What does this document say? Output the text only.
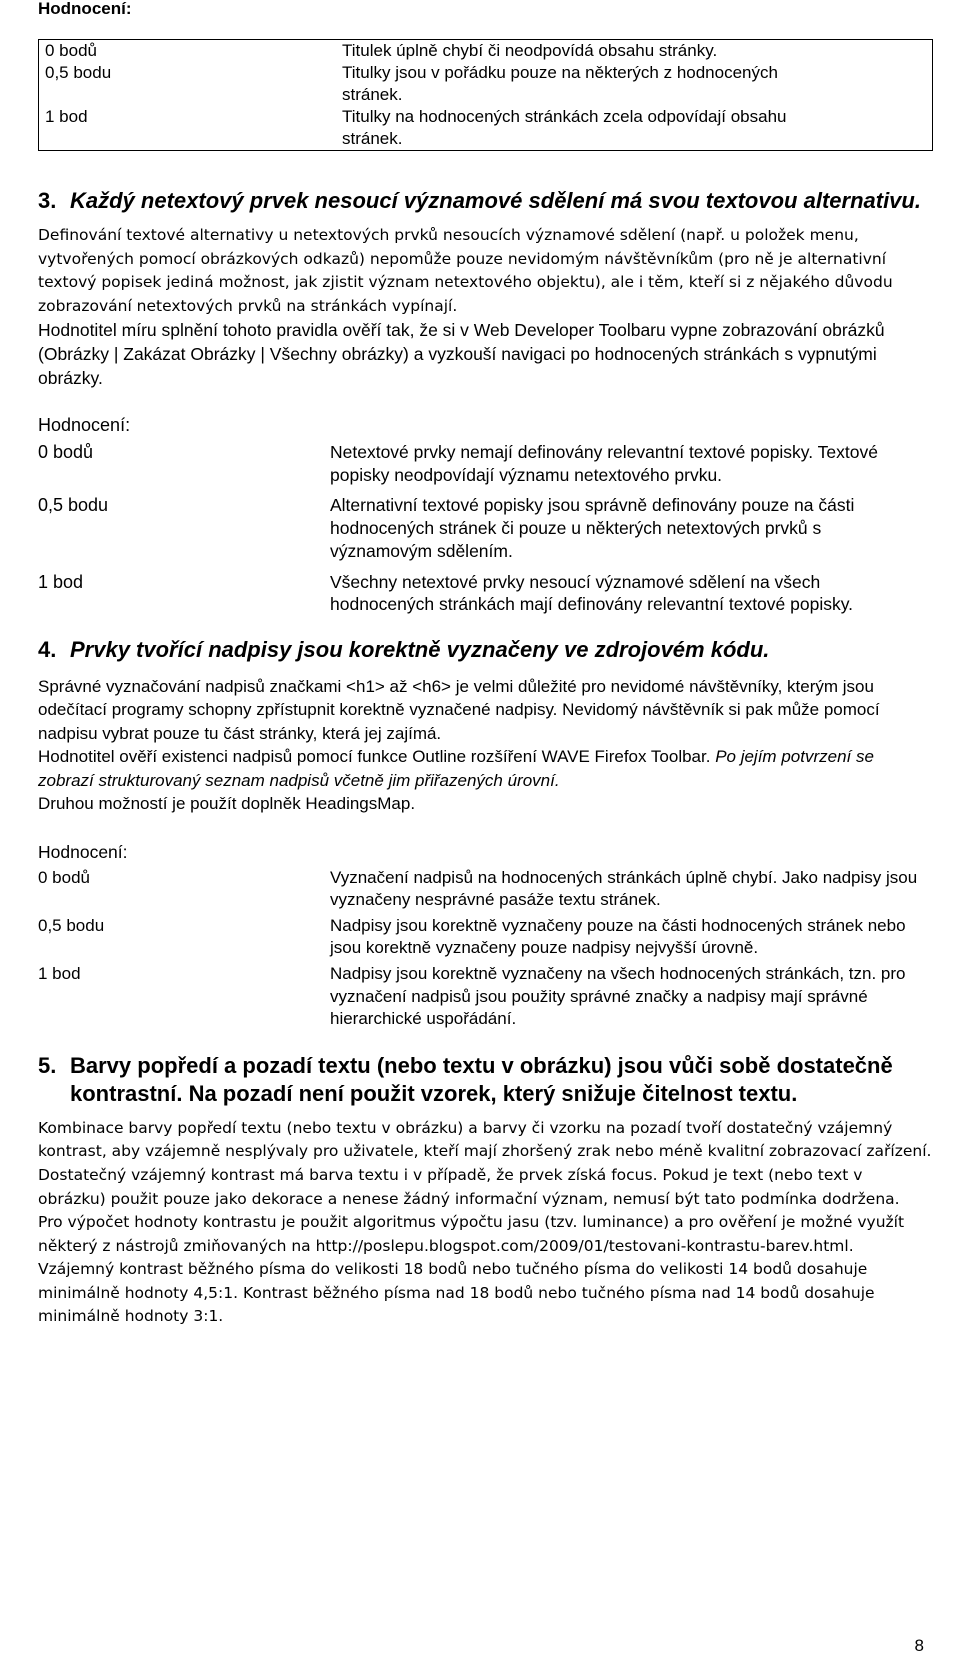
Hodnocení:

0 bodů	Titulek úplně chybí či neodpovídá obsahu stránky.
0,5 bodu	Titulky jsou v pořádku pouze na některých z hodnocených stránek.
1 bod	Titulky na hodnocených stránkách zcela odpovídají obsahu stránek.
3. Každý netextový prvek nesoucí významové sdělení má svou textovou alternativu.

Definování textové alternativy u netextových prvků nesoucích významové sdělení (např. u položek menu, vytvořených pomocí obrázkových odkazů) nepomůže pouze nevidomým návštěvníkům (pro ně je alternativní textový popisek jediná možnost, jak zjistit význam netextového objektu), ale i těm, kteří si z nějakého důvodu zobrazování netextových prvků na stránkách vypínají.

Hodnotitel míru splnění tohoto pravidla ověří tak, že si v Web Developer Toolbaru vypne zobrazování obrázků (Obrázky | Zakázat Obrázky | Všechny obrázky) a vyzkouší navigaci po hodnocených stránkách s vypnutými obrázky.

Hodnocení:

0 bodů	Netextové prvky nemají definovány relevantní textové popisky. Textové popisky neodpovídají významu netextového prvku.
0,5 bodu	Alternativní textové popisky jsou správně definovány pouze na části hodnocených stránek či pouze u některých netextových prvků s významovým sdělením.
1 bod	Všechny netextové prvky nesoucí významové sdělení na všech hodnocených stránkách mají definovány relevantní textové popisky.
4. Prvky tvořící nadpisy jsou korektně vyznačeny ve zdrojovém kódu.

Správné vyznačování nadpisů značkami <h1> až <h6> je velmi důležité pro nevidomé návštěvníky, kterým jsou odečítací programy schopny zpřístupnit korektně vyznačené nadpisy. Nevidomý návštěvník si pak může pomocí nadpisu vybrat pouze tu část stránky, která jej zajímá.

Hodnotitel ověří existenci nadpisů pomocí funkce Outline rozšíření WAVE Firefox Toolbar. Po jejím potvrzení se zobrazí strukturovaný seznam nadpisů včetně jim přiřazených úrovní.

Druhou možností je použít doplněk HeadingsMap.

Hodnocení:

0 bodů	Vyznačení nadpisů na hodnocených stránkách úplně chybí. Jako nadpisy jsou vyznačeny nesprávné pasáže textu stránek.
0,5 bodu	Nadpisy jsou korektně vyznačeny pouze na části hodnocených stránek nebo jsou korektně vyznačeny pouze nadpisy nejvyšší úrovně.
1 bod	Nadpisy jsou korektně vyznačeny na všech hodnocených stránkách, tzn. pro vyznačení nadpisů jsou použity správné značky a nadpisy mají správné hierarchické uspořádání.
5. Barvy popředí a pozadí textu (nebo textu v obrázku) jsou vůči sobě dostatečně kontrastní. Na pozadí není použit vzorek, který snižuje čitelnost textu.

Kombinace barvy popředí textu (nebo textu v obrázku) a barvy či vzorku na pozadí tvoří dostatečný vzájemný kontrast, aby vzájemně nesplývaly pro uživatele, kteří mají zhoršený zrak nebo méně kvalitní zobrazovací zařízení. Dostatečný vzájemný kontrast má barva textu i v případě, že prvek získá focus. Pokud je text (nebo text v obrázku) použit pouze jako dekorace a nenese žádný informační význam, nemusí být tato podmínka dodržena.

Pro výpočet hodnoty kontrastu je použit algoritmus výpočtu jasu (tzv. luminance) a pro ověření je možné využít některý z nástrojů zmiňovaných na http://poslepu.blogspot.com/2009/01/testovani-kontrastu-barev.html. Vzájemný kontrast běžného písma do velikosti 18 bodů nebo tučného písma do velikosti 14 bodů dosahuje minimálně hodnoty 4,5:1. Kontrast běžného písma nad 18 bodů nebo tučného písma nad 14 bodů dosahuje minimálně hodnoty 3:1.

8
